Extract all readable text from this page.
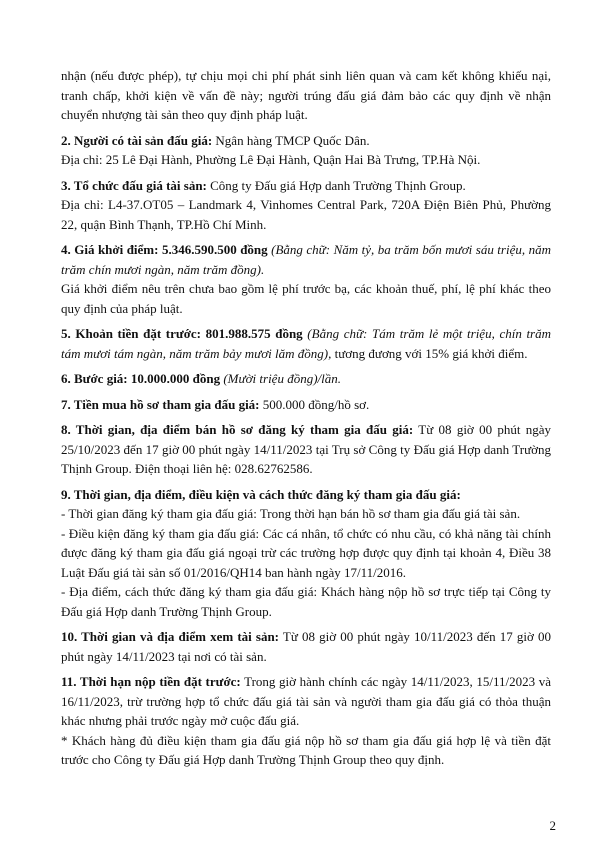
nhận (nếu được phép), tự chịu mọi chi phí phát sinh liên quan và cam kết không khiếu nại, tranh chấp, khởi kiện về vấn đề này; người trúng đấu giá đảm bảo các quy định về nhận chuyển nhượng tài sản theo quy định pháp luật.

2. Người có tài sản đấu giá: Ngân hàng TMCP Quốc Dân.

Địa chỉ: 25 Lê Đại Hành, Phường Lê Đại Hành, Quận Hai Bà Trưng, TP.Hà Nội.

3. Tổ chức đấu giá tài sản: Công ty Đấu giá Hợp danh Trường Thịnh Group.

Địa chỉ: L4-37.OT05 – Landmark 4, Vinhomes Central Park, 720A Điện Biên Phủ, Phường 22, quận Bình Thạnh, TP.Hồ Chí Minh.

4. Giá khởi điểm: 5.346.590.500 đồng (Bằng chữ: Năm tỷ, ba trăm bốn mươi sáu triệu, năm trăm chín mươi ngàn, năm trăm đồng).

Giá khởi điểm nêu trên chưa bao gồm lệ phí trước bạ, các khoản thuế, phí, lệ phí khác theo quy định của pháp luật.

5. Khoản tiền đặt trước: 801.988.575 đồng (Bằng chữ: Tám trăm lẻ một triệu, chín trăm tám mươi tám ngàn, năm trăm bảy mươi lăm đồng), tương đương với 15% giá khởi điểm.

6. Bước giá: 10.000.000 đồng (Mười triệu đồng)/lần.

7. Tiền mua hồ sơ tham gia đấu giá: 500.000 đồng/hồ sơ.

8. Thời gian, địa điểm bán hồ sơ đăng ký tham gia đấu giá: Từ 08 giờ 00 phút ngày 25/10/2023 đến 17 giờ 00 phút ngày 14/11/2023 tại Trụ sở Công ty Đấu giá Hợp danh Trường Thịnh Group. Điện thoại liên hệ: 028.62762586.

9. Thời gian, địa điểm, điều kiện và cách thức đăng ký tham gia đấu giá:

- Thời gian đăng ký tham gia đấu giá: Trong thời hạn bán hồ sơ tham gia đấu giá tài sản.

- Điều kiện đăng ký tham gia đấu giá: Các cá nhân, tổ chức có nhu cầu, có khả năng tài chính được đăng ký tham gia đấu giá ngoại trừ các trường hợp được quy định tại khoản 4, Điều 38 Luật Đấu giá tài sản số 01/2016/QH14 ban hành ngày 17/11/2016.

- Địa điểm, cách thức đăng ký tham gia đấu giá: Khách hàng nộp hồ sơ trực tiếp tại Công ty Đấu giá Hợp danh Trường Thịnh Group.

10. Thời gian và địa điểm xem tài sản: Từ 08 giờ 00 phút ngày 10/11/2023 đến 17 giờ 00 phút ngày 14/11/2023 tại nơi có tài sản.

11. Thời hạn nộp tiền đặt trước: Trong giờ hành chính các ngày 14/11/2023, 15/11/2023 và 16/11/2023, trừ trường hợp tổ chức đấu giá tài sản và người tham gia đấu giá có thỏa thuận khác nhưng phải trước ngày mở cuộc đấu giá.

* Khách hàng đủ điều kiện tham gia đấu giá nộp hồ sơ tham gia đấu giá hợp lệ và tiền đặt trước cho Công ty Đấu giá Hợp danh Trường Thịnh Group theo quy định.

2
